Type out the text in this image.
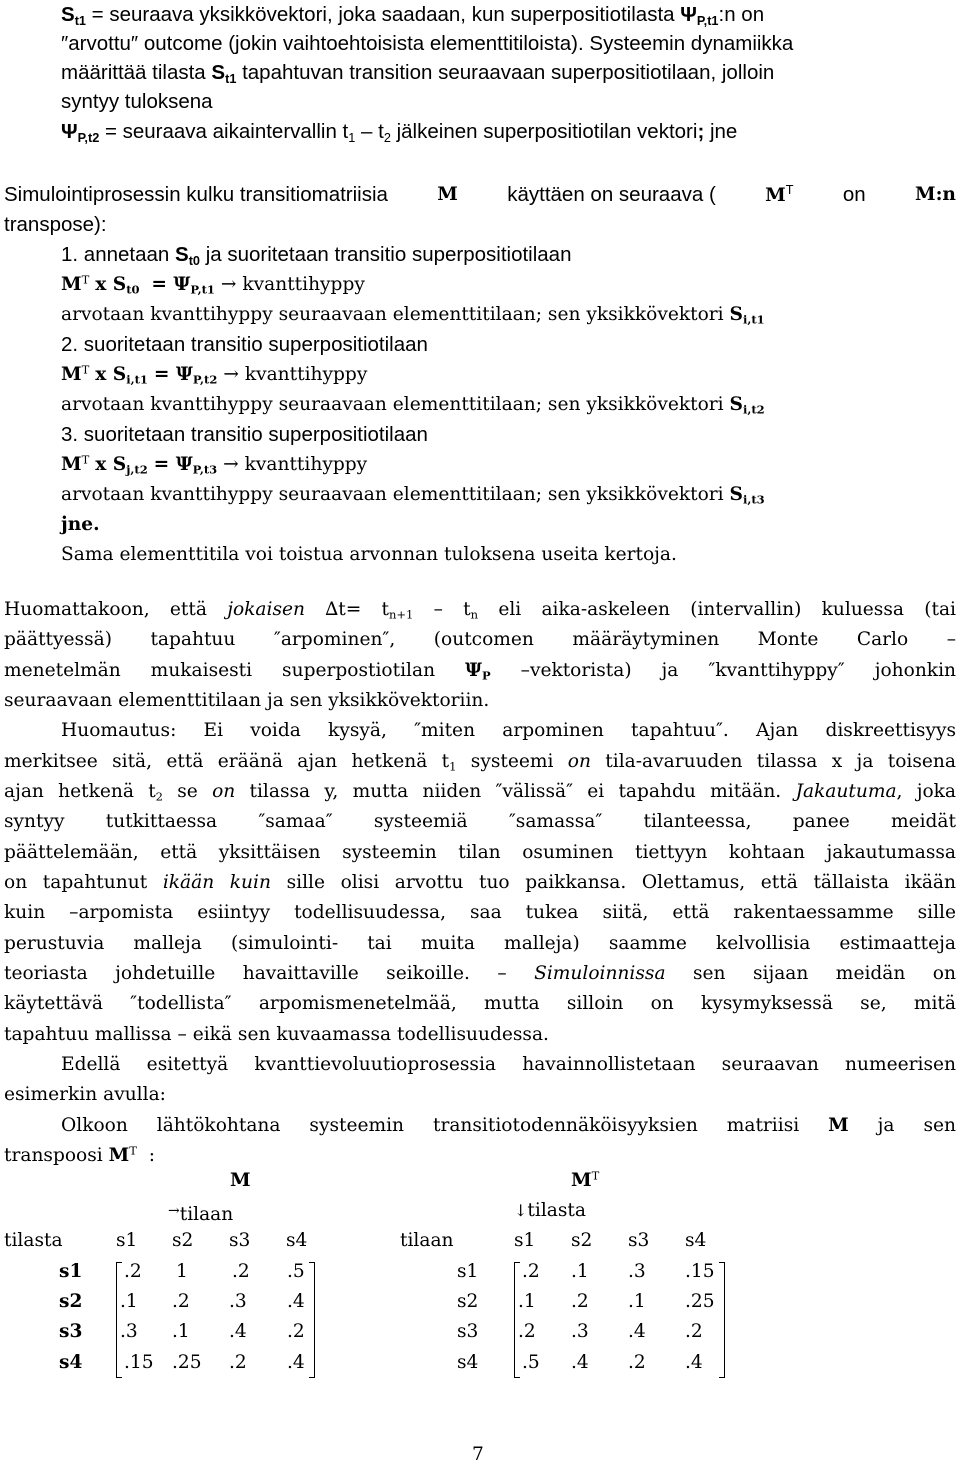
$S_{t1}$ = seuraava yksikkövektori, joka saadaan, kun superpositiotilasta $\Psi_{P,t1}:n$ on
″arvottu″ outcome (jokin vaihtoehtoisista elementtitiloista). Systeemin dynamiikka
määrittää tilasta $S_{t1}$ tapahtuvan transition seuraavaan superpositiotilaan, jolloin
syntyy tuloksena
$\Psi_{P,t2}$ = seuraava aikaintervallin $t_1 - t_2$ jälkeinen superpositiotilan vektori; jne
Simulointiprosessin kulku transitiomatriisia	M käyttäen on seuraava (	$M^T$ on	M:n
transpose):
1. annetaan $S_{t0}$ ja suoritetaan transitio superpositiotilaan
$M^T$ x $S_{t0} = \Psi_{P,t1}$ → kvanttihyppy
arvotaan kvanttihyppy seuraavaan elementtitilaan; sen yksikkövektori $S_{i,t1}$
2. suoritetaan transitio superpositiotilaan
$M^T$ x $S_{i,t1} = \Psi_{P,t2}$ → kvanttihyppy
arvotaan kvanttihyppy seuraavaan elementtitilaan; sen yksikkövektori $S_{i,t2}$
3. suoritetaan transitio superpositiotilaan
$M^T$ x $S_{j,t2} = \Psi_{P,t3}$ → kvanttihyppy
arvotaan kvanttihyppy seuraavaan elementtitilaan; sen yksikkövektori $S_{i,t3}$
jne.
Sama elementtitila voi toistua arvonnan tuloksena useita kertoja.
Huomattakoon, että jokaisen $\Delta t= t_{n+1} - t_n$ eli aika-askeleen (intervallin) kuluessa (tai
päättyessä) tapahtuu ″arpominen″, (outcomen määräytyminen Monte Carlo –
menetelmän mukaisesti superpostiotilan $\Psi_P$ –vektorista) ja ″kvanttihyppy″ johonkin
seuraavaan elementtitilaan ja sen yksikkövektoriin.
Huomautus: Ei voida kysyä, ″miten arpominen tapahtuu″. Ajan diskreettisyys
merkitsee sitä, että eräänä ajan hetkenä $t_1$ systeemi on tila-avaruuden tilassa x ja toisena
ajan hetkenä $t_2$ se on tilassa y, mutta niiden ″välissä″ ei tapahdu mitään. Jakautuma, joka
syntyy tutkittaessa ″samaa″ systeemiä ″samassa″ tilanteessa, panee meidät
päättelemään, että yksittäisen systeemin tilan osuminen tiettyyn kohtaan jakautumassa
on tapahtunut ikään kuin sille olisi arvottu tuo paikkansa. Olettamus, että tällaista ikään
kuin –arpomista esiintyy todellisuudessa, saa tukea siitä, että rakentaessamme sille
perustuvia malleja (simulointi- tai muita malleja) saamme kelvollisia estimaatteja
teoriasta johdetuille havaittaville seikoille. – Simuloinnissa sen sijaan meidän on
käytettävä ″todellista″ arpomismenetelmää, mutta silloin on kysymyksessä se, mitä
tapahtuu mallissa – eikä sen kuvaamassa todellisuudessa.
Edellä esitettyä kvanttievoluutioprosessia havainnollistetaan seuraavan numeerisen
esimerkin avulla:
Olkoon lähtökohtana systeemin transitiotodennäköisyyksien matriisi M ja sen
transpoosi $M^T$ :
M
→tilaan
tilasta	s1 s2 s3 s4
s1 .2 1 .2 .5
s2 .1 .2 .3 .4
s3 .3 .1 .4 .2
s4 .15 .25 .2 .4
$M^T$
↓tilasta
tilaan	s1 s2 s3 s4
s1 .2 .1 .3 .15
s2 .1 .2 .1 .25
s3 .2 .3 .4 .2
s4 .5 .4 .2 .4
7
